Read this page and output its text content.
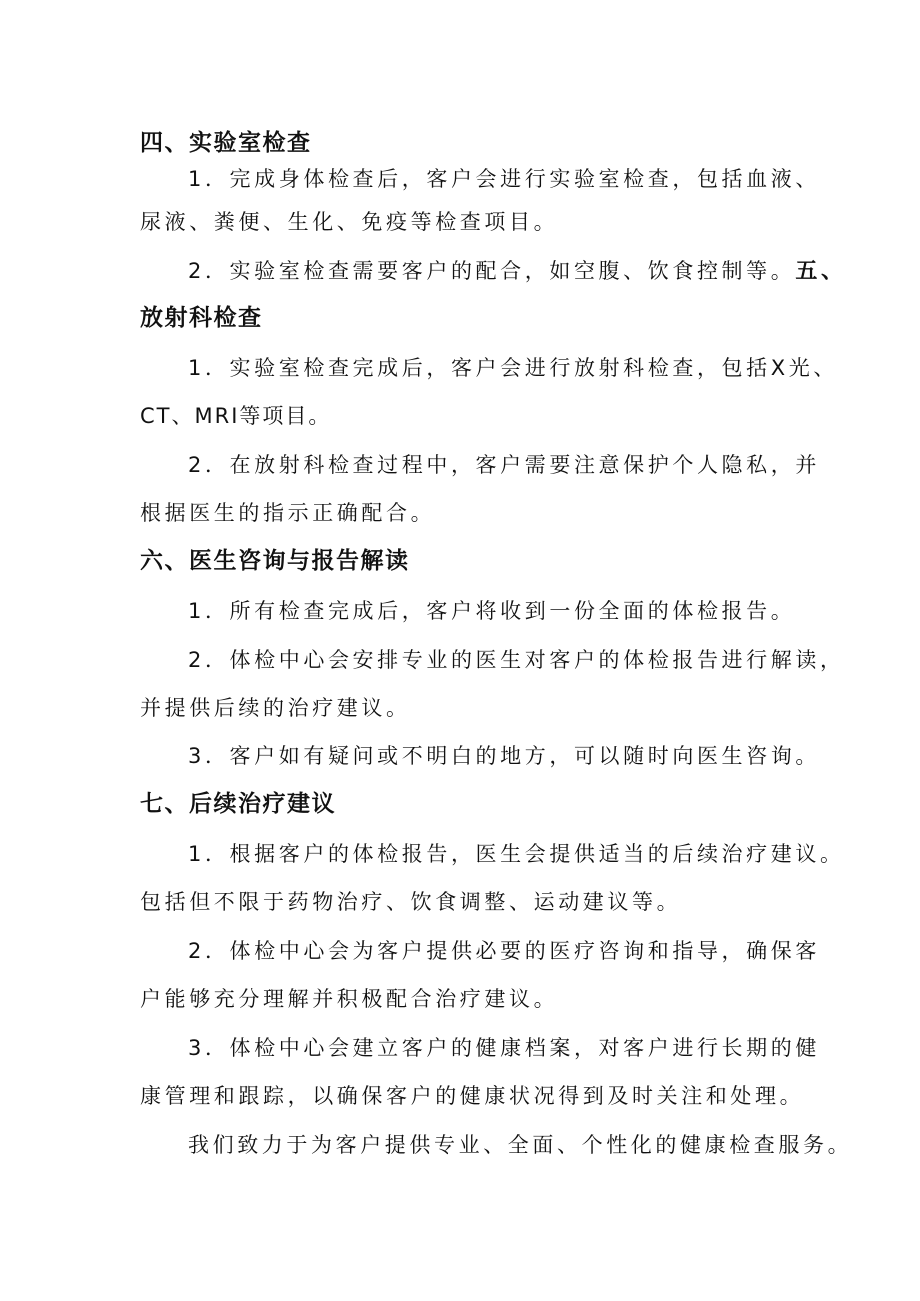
四、实验室检查
1．完成身体检查后，客户会进行实验室检查，包括血液、
尿液、粪便、生化、免疫等检查项目。
2．实验室检查需要客户的配合，如空腹、饮食控制等。五、
放射科检查
1．实验室检查完成后，客户会进行放射科检查，包括X光、
CT、MRI等项目。
2．在放射科检查过程中，客户需要注意保护个人隐私，并
根据医生的指示正确配合。
六、医生咨询与报告解读
1．所有检查完成后，客户将收到一份全面的体检报告。
2．体检中心会安排专业的医生对客户的体检报告进行解读，
并提供后续的治疗建议。
3．客户如有疑问或不明白的地方，可以随时向医生咨询。
七、后续治疗建议
1．根据客户的体检报告，医生会提供适当的后续治疗建议。
包括但不限于药物治疗、饮食调整、运动建议等。
2．体检中心会为客户提供必要的医疗咨询和指导，确保客
户能够充分理解并积极配合治疗建议。
3．体检中心会建立客户的健康档案，对客户进行长期的健
康管理和跟踪，以确保客户的健康状况得到及时关注和处理。
我们致力于为客户提供专业、全面、个性化的健康检查服务。
